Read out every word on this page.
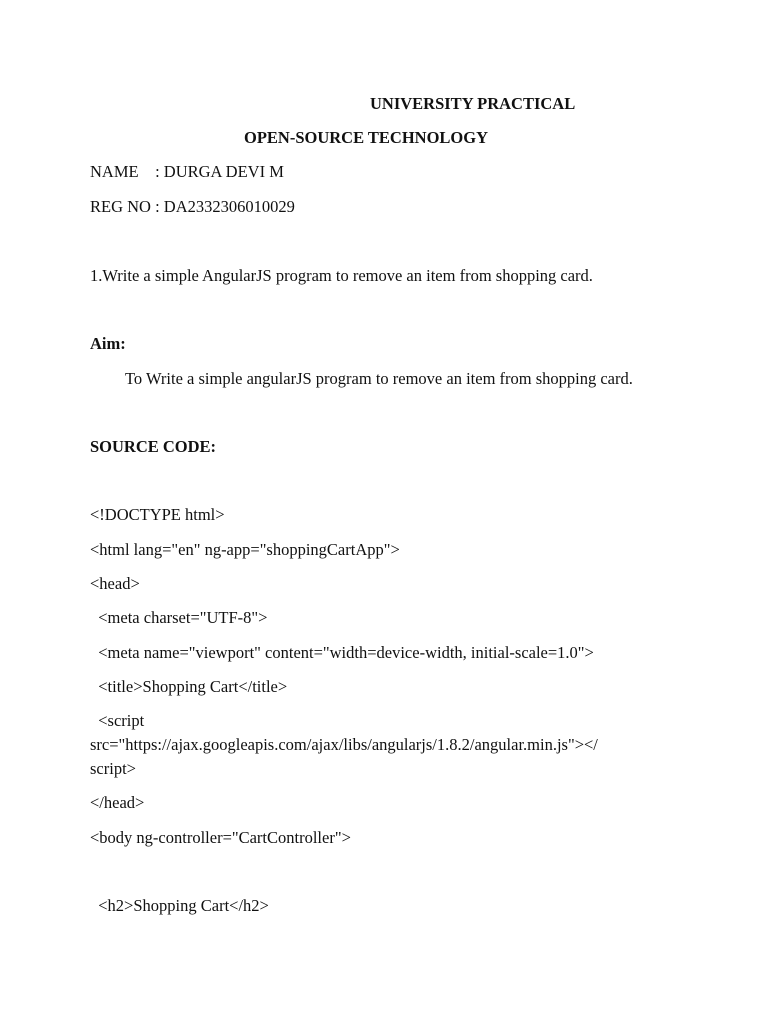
UNIVERSITY PRACTICAL
OPEN-SOURCE TECHNOLOGY
NAME    : DURGA DEVI M
REG NO : DA2332306010029
1.Write a simple AngularJS program to remove an item from shopping card.
Aim:
To Write a simple angularJS program to remove an item from shopping card.
SOURCE CODE:
<!DOCTYPE html>
<html lang="en" ng-app="shoppingCartApp">
<head>
<meta charset="UTF-8">
<meta name="viewport" content="width=device-width, initial-scale=1.0">
<title>Shopping Cart</title>
<script
src="https://ajax.googleapis.com/ajax/libs/angularjs/1.8.2/angular.min.js"></
script>
</head>
<body ng-controller="CartController">
<h2>Shopping Cart</h2>
